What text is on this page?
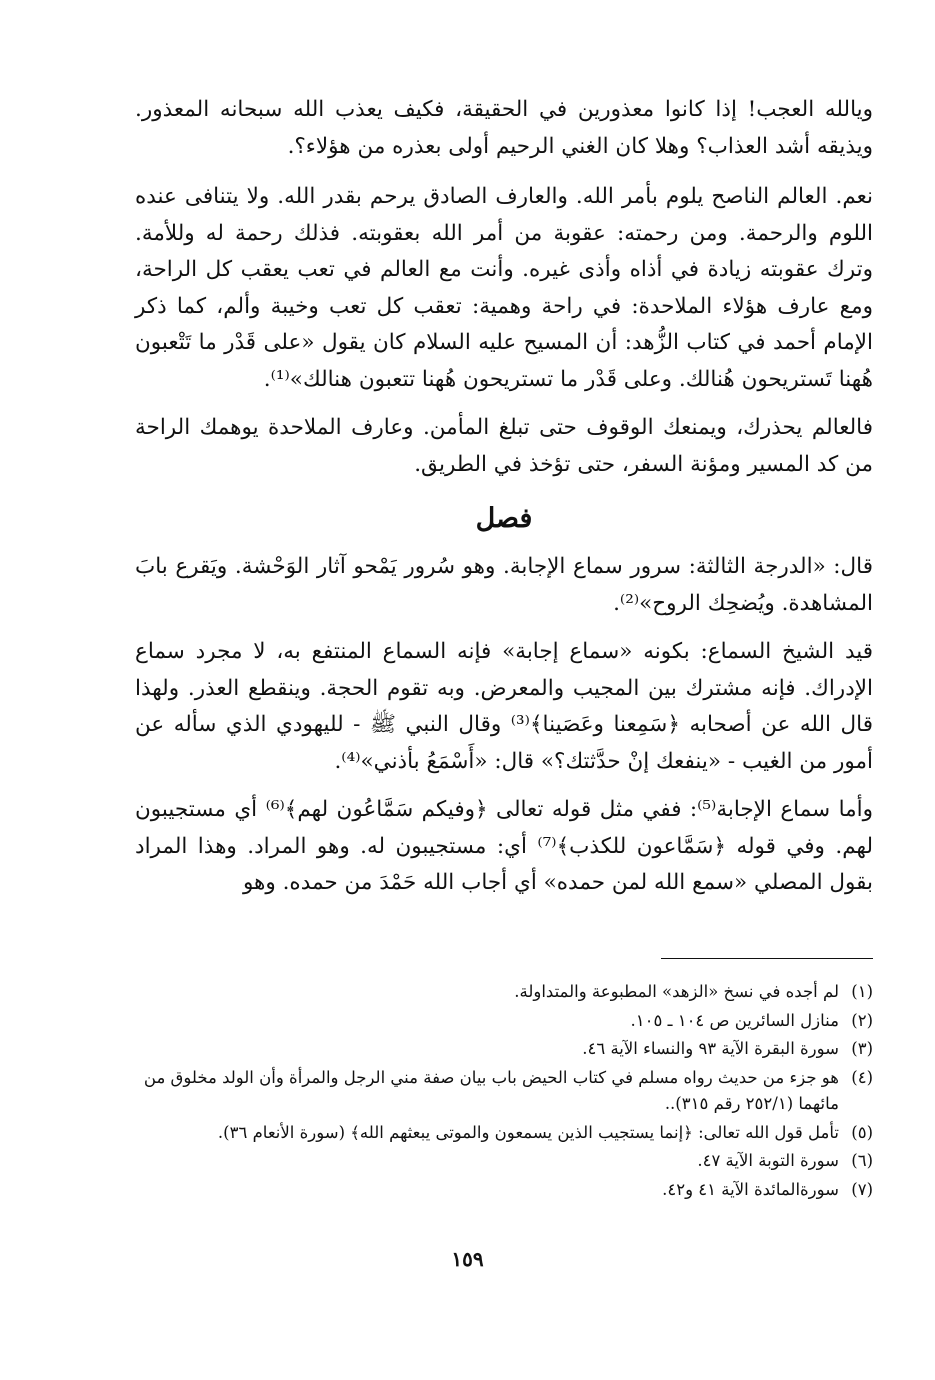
ويالله العجب! إذا كانوا معذورين في الحقيقة، فكيف يعذب الله سبحانه المعذور. ويذيقه أشد العذاب؟ وهلا كان الغني الرحيم أولى بعذره من هؤلاء؟.

نعم. العالم الناصح يلوم بأمر الله. والعارف الصادق يرحم بقدر الله. ولا يتنافى عنده اللوم والرحمة. ومن رحمته: عقوبة من أمر الله بعقوبته. فذلك رحمة له وللأمة. وترك عقوبته زيادة في أذاه وأذى غيره. وأنت مع العالم في تعب يعقب كل الراحة، ومع عارف هؤلاء الملاحدة: في راحة وهمية: تعقب كل تعب وخيبة وألم، كما ذكر الإمام أحمد في كتاب الزُّهد: أن المسيح عليه السلام كان يقول «على قَدْر ما تَتْعبون هُهنا تَستريحون هُنالك. وعلى قَدْر ما تستريحون هُهنا تتعبون هنالك»⁽¹⁾.

فالعالم يحذرك، ويمنعك الوقوف حتى تبلغ المأمن. وعارف الملاحدة يوهمك الراحة من كد المسير ومؤنة السفر، حتى تؤخذ في الطريق.

فصل

قال: «الدرجة الثالثة: سرور سماع الإجابة. وهو سُرور يَمْحو آثار الوَحْشة. ويَقرع بابَ المشاهدة. ويُضحِك الروح»⁽²⁾.

قيد الشيخ السماع: بكونه «سماع إجابة» فإنه السماع المنتفع به، لا مجرد سماع الإدراك. فإنه مشترك بين المجيب والمعرض. وبه تقوم الحجة. وينقطع العذر. ولهذا قال الله عن أصحابه ﴿سَمِعنا وعَصَينا﴾⁽³⁾ وقال النبي ﷺ - لليهودي الذي سأله عن أمور من الغيب - «ينفعك إنْ حدَّثتك؟» قال: «أَسْمَعُ بأذني»⁽⁴⁾.

وأما سماع الإجابة⁽⁵⁾: ففي مثل قوله تعالى ﴿وفيكم سَمَّاعُون لهم﴾⁽⁶⁾ أي مستجيبون لهم. وفي قوله ﴿سَمَّاعون للكذب﴾⁽⁷⁾ أي: مستجيبون له. وهو المراد. وهذا المراد بقول المصلي «سمع الله لمن حمده» أي أجاب الله حَمْدَ من حمده. وهو

(١)
لم أجده في نسخ «الزهد» المطبوعة والمتداولة.
(٢)
منازل السائرين ص ١٠٤ ـ ١٠٥.
(٣)
سورة البقرة الآية ٩٣ والنساء الآية ٤٦.
(٤)
هو جزء من حديث رواه مسلم في كتاب الحيض باب بيان صفة مني الرجل والمرأة وأن الولد مخلوق من مائهما (٢٥٢/١ رقم ٣١٥)..
(٥)
تأمل قول الله تعالى: ﴿إنما يستجيب الذين يسمعون والموتى يبعثهم الله﴾ (سورة الأنعام ٣٦).
(٦)
سورة التوبة الآية ٤٧.
(٧)
سورةالمائدة الآية ٤١ و٤٢.
١٥٩
